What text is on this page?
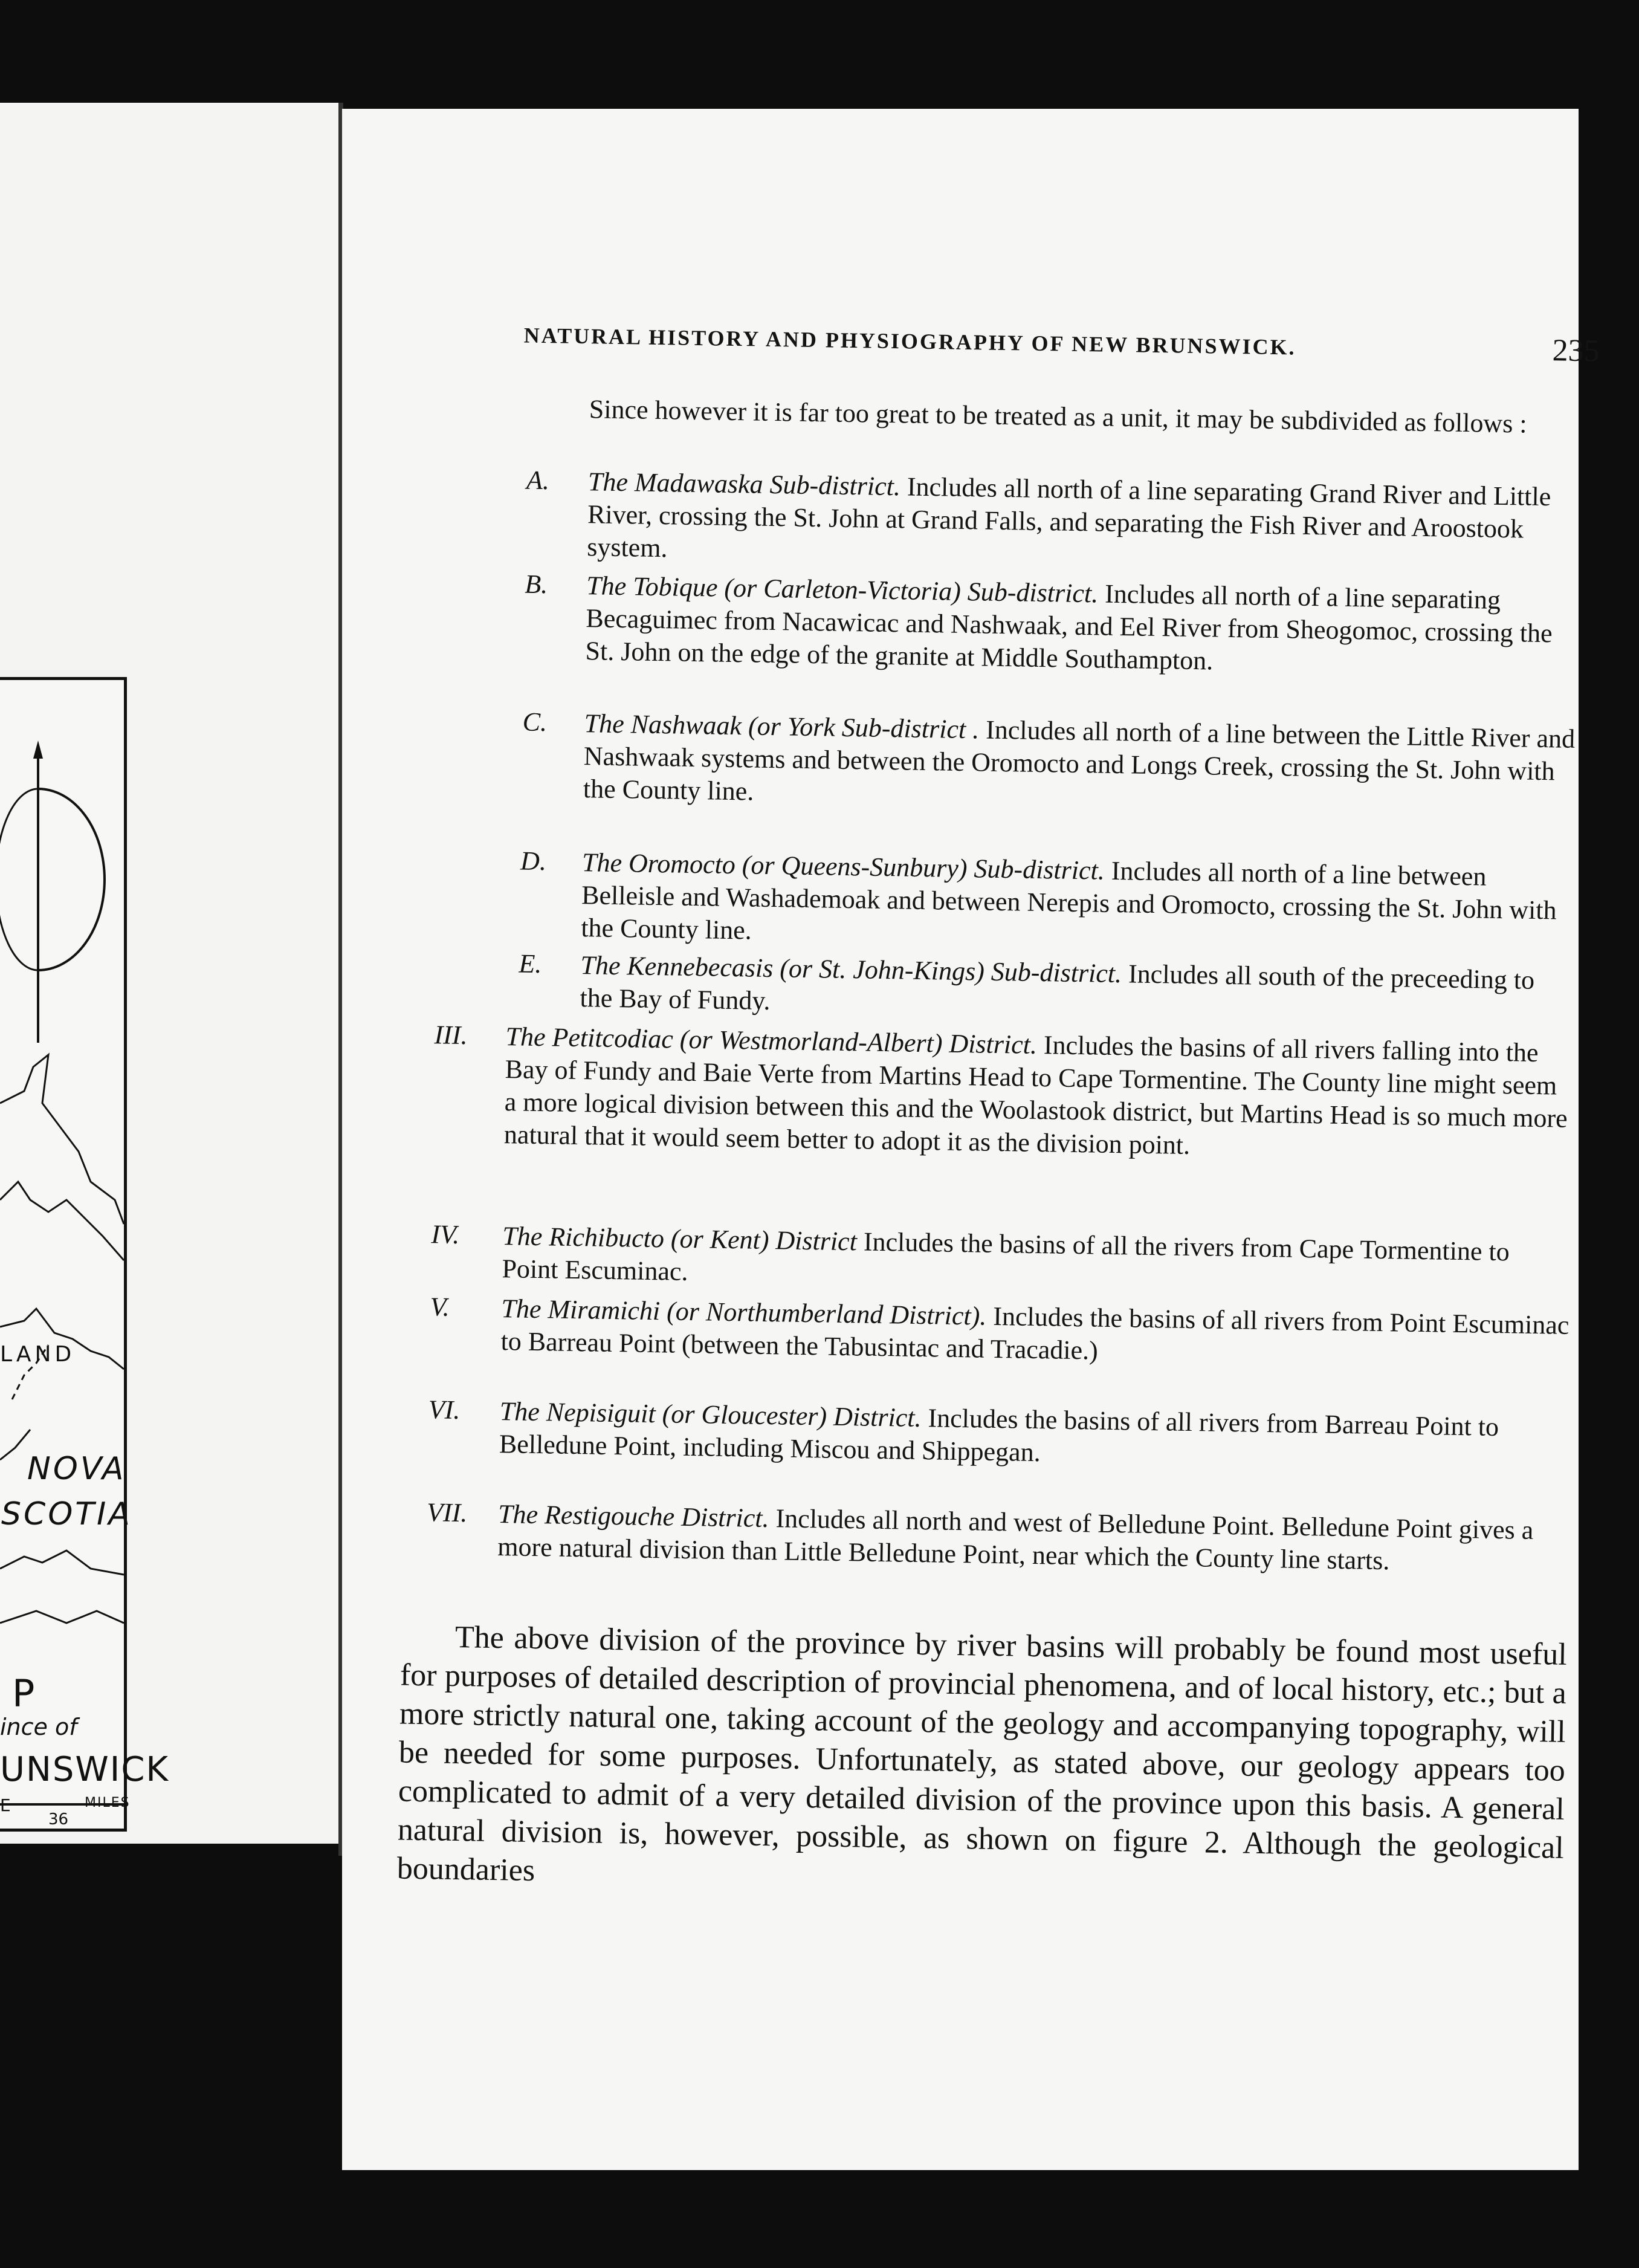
LAND
NOVA
SCOTIA
P
ince of
UNSWICK
E
36
MILES
NATURAL HISTORY AND PHYSIOGRAPHY OF NEW BRUNSWICK.	235
Since however it is far too great to be treated as a unit, it may be subdivided as follows :
A. The Madawaska Sub-district. Includes all north of a line separating Grand River and Little River, crossing the St. John at Grand Falls, and separating the Fish River and Aroostook system.
B. The Tobique (or Carleton-Victoria) Sub-district. Includes all north of a line separating Becaguimec from Nacawicac and Nashwaak, and Eel River from Sheogomoc, crossing the St. John on the edge of the granite at Middle Southampton.
C. The Nashwaak (or York Sub-district . Includes all north of a line between the Little River and Nashwaak systems and between the Oromocto and Longs Creek, crossing the St. John with the County line.
D. The Oromocto (or Queens-Sunbury) Sub-district. Includes all north of a line between Belleisle and Washademoak and between Nerepis and Oromocto, crossing the St. John with the County line.
E. The Kennebecasis (or St. John-Kings) Sub-district. Includes all south of the preceeding to the Bay of Fundy.
III. The Petitcodiac (or Westmorland-Albert) District. Includes the basins of all rivers falling into the Bay of Fundy and Baie Verte from Martins Head to Cape Tormentine. The County line might seem a more logical division between this and the Woolastook district, but Martins Head is so much more natural that it would seem better to adopt it as the division point.
IV. The Richibucto (or Kent) District Includes the basins of all the rivers from Cape Tormentine to Point Escuminac.
V. The Miramichi (or Northumberland District). Includes the basins of all rivers from Point Escuminac to Barreau Point (between the Tabusintac and Tracadie.)
VI. The Nepisiguit (or Gloucester) District. Includes the basins of all rivers from Barreau Point to Belledune Point, including Miscou and Shippegan.
VII. The Restigouche District. Includes all north and west of Belledune Point. Belledune Point gives a more natural division than Little Belledune Point, near which the County line starts.
The above division of the province by river basins will probably be found most useful for purposes of detailed description of provincial phenomena, and of local history, etc.; but a more strictly natural one, taking account of the geology and accompanying topography, will be needed for some purposes. Unfortunately, as stated above, our geology appears too complicated to admit of a very detailed division of the province upon this basis. A general natural division is, however, possible, as shown on figure 2. Although the geological boundaries
